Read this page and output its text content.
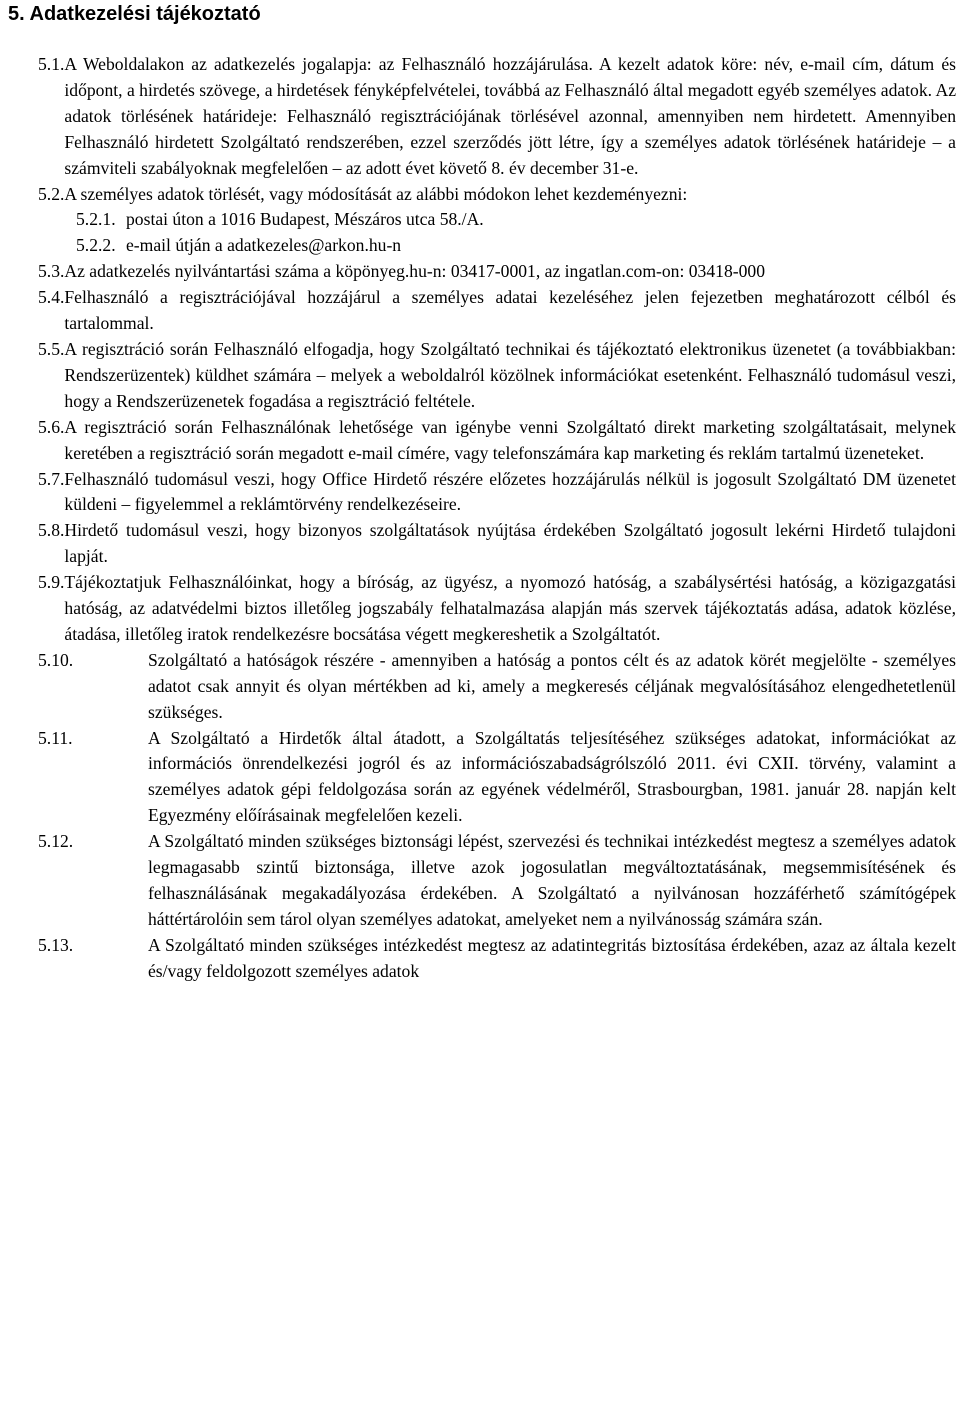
5. Adatkezelési tájékoztató
5.1. A Weboldalakon az adatkezelés jogalapja: az Felhasználó hozzájárulása. A kezelt adatok köre: név, e-mail cím, dátum és időpont, a hirdetés szövege, a hirdetések fényképfelvételei, továbbá az Felhasználó által megadott egyéb személyes adatok. Az adatok törlésének határideje: Felhasználó regisztrációjának törlésével azonnal, amennyiben nem hirdetett. Amennyiben Felhasználó hirdetett Szolgáltató rendszerében, ezzel szerződés jött létre, így a személyes adatok törlésének határideje – a számviteli szabályoknak megfelelően – az adott évet követő 8. év december 31-e.
5.2. A személyes adatok törlését, vagy módosítását az alábbi módokon lehet kezdeményezni:
5.2.1. postai úton a 1016 Budapest, Mészáros utca 58./A.
5.2.2. e-mail útján a adatkezeles@arkon.hu-n
5.3. Az adatkezelés nyilvántartási száma a köpönyeg.hu-n: 03417-0001, az ingatlan.com-on: 03418-000
5.4. Felhasználó a regisztrációjával hozzájárul a személyes adatai kezeléséhez jelen fejezetben meghatározott célból és tartalommal.
5.5. A regisztráció során Felhasználó elfogadja, hogy Szolgáltató technikai és tájékoztató elektronikus üzenetet (a továbbiakban: Rendszerüzentek) küldhet számára – melyek a weboldalról közölnek információkat esetenként. Felhasználó tudomásul veszi, hogy a Rendszerüzenetek fogadása a regisztráció feltétele.
5.6. A regisztráció során Felhasználónak lehetősége van igénybe venni Szolgáltató direkt marketing szolgáltatásait, melynek keretében a regisztráció során megadott e-mail címére, vagy telefonszámára kap marketing és reklám tartalmú üzeneteket.
5.7. Felhasználó tudomásul veszi, hogy Office Hirdető részére előzetes hozzájárulás nélkül is jogosult Szolgáltató DM üzenetet küldeni – figyelemmel a reklámtörvény rendelkezéseire.
5.8. Hirdető tudomásul veszi, hogy bizonyos szolgáltatások nyújtása érdekében Szolgáltató jogosult lekérni Hirdető tulajdoni lapját.
5.9. Tájékoztatjuk Felhasználóinkat, hogy a bíróság, az ügyész, a nyomozó hatóság, a szabálysértési hatóság, a közigazgatási hatóság, az adatvédelmi biztos illetőleg jogszabály felhatalmazása alapján más szervek tájékoztatás adása, adatok közlése, átadása, illetőleg iratok rendelkezésre bocsátása végett megkereshetik a Szolgáltatót.
5.10.	Szolgáltató a hatóságok részére - amennyiben a hatóság a pontos célt és az adatok körét megjelölte - személyes adatot csak annyit és olyan mértékben ad ki, amely a megkeresés céljának megvalósításához elengedhetetlenül szükséges.
5.11.	A Szolgáltató a Hirdetők által átadott, a Szolgáltatás teljesítéséhez szükséges adatokat, információkat az információs önrendelkezési jogról és az információszabadságrólszóló 2011. évi CXII. törvény, valamint a személyes adatok gépi feldolgozása során az egyének védelméről, Strasbourgban, 1981. január 28. napján kelt Egyezmény előírásainak megfelelően kezeli.
5.12.	A Szolgáltató minden szükséges biztonsági lépést, szervezési és technikai intézkedést megtesz a személyes adatok legmagasabb szintű biztonsága, illetve azok jogosulatlan megváltoztatásának, megsemmisítésének és felhasználásának megakadályozása érdekében. A Szolgáltató a nyilvánosan hozzáférhető számítógépek háttértárolóin sem tárol olyan személyes adatokat, amelyeket nem a nyilvánosság számára szán.
5.13.	A Szolgáltató minden szükséges intézkedést megtesz az adatintegritás biztosítása érdekében, azaz az általa kezelt és/vagy feldolgozott személyes adatok
